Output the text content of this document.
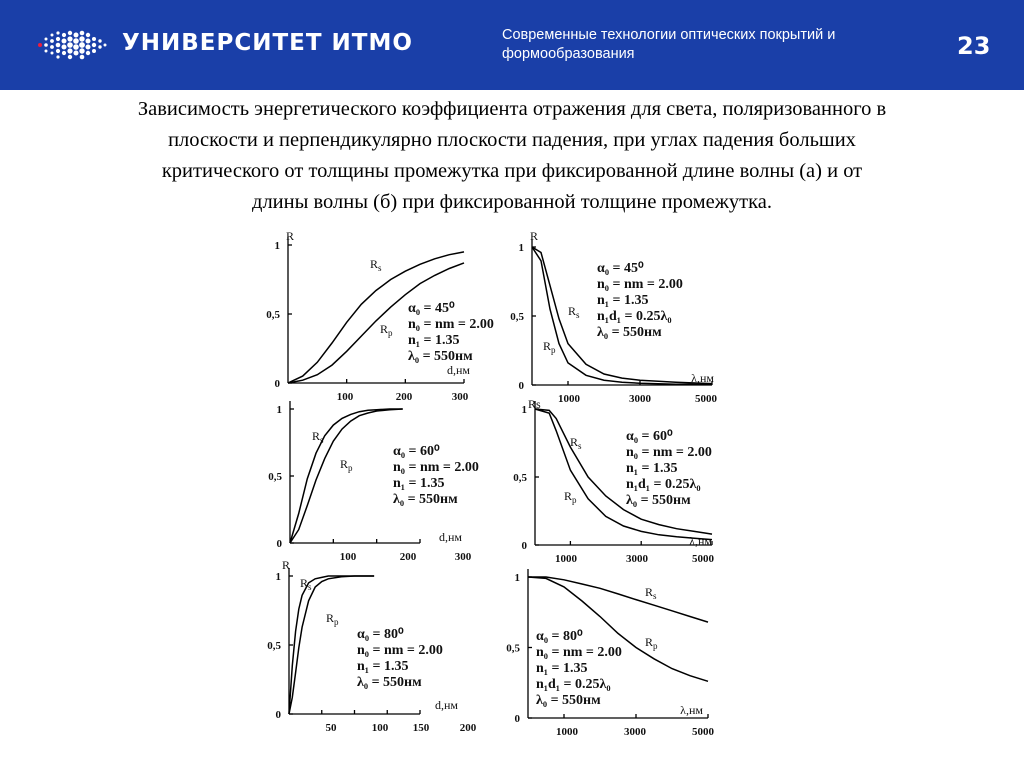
УНИВЕРСИТЕТ ИТМО	Современные технологии оптических покрытий и
формообразования	23
Зависимость энергетического коэффициента отражения для света, поляризованного в
плоскости и перпендикулярно плоскости падения, при углах падения больших
критического от толщины промежутка при фиксированной длине волны (а) и от
длины волны (б) при фиксированной толщине промежутка.
0
0,5
1
100	200	300
R
d,нм
$R_s$
$R_p$
α₀ = 45⁰
n₀ = nm = 2.00
n₁ = 1.35
λ₀ = 550нм
0
0,5
1
1000	3000	5000
R
λ,нм
$R_s$
$R_p$
α₀ = 45⁰
n₀ = nm = 2.00
n₁ = 1.35
n₁d₁ = 0.25λ₀
λ₀ = 550нм
0
0,5
1
100	200	300
d,нм
$R_s$
$R_p$
α₀ = 60⁰
n₀ = nm = 2.00
n₁ = 1.35
λ₀ = 550нм
0
0,5
1
1000	3000	5000
Rs
λ,нм
$R_s$
$R_p$
α₀ = 60⁰
n₀ = nm = 2.00
n₁ = 1.35
n₁d₁ = 0.25λ₀
λ₀ = 550нм
0
0,5
1
50	100 150	200
R
d,нм
$R_s$
$R_p$
α₀ = 80⁰
n₀ = nm = 2.00
n₁ = 1.35
λ₀ = 550нм
0
0,5
1
1000	3000	5000
λ,нм
$R_s$
$R_p$
α₀ = 80⁰
n₀ = nm = 2.00
n₁ = 1.35
n₁d₁ = 0.25λ₀
λ₀ = 550нм
